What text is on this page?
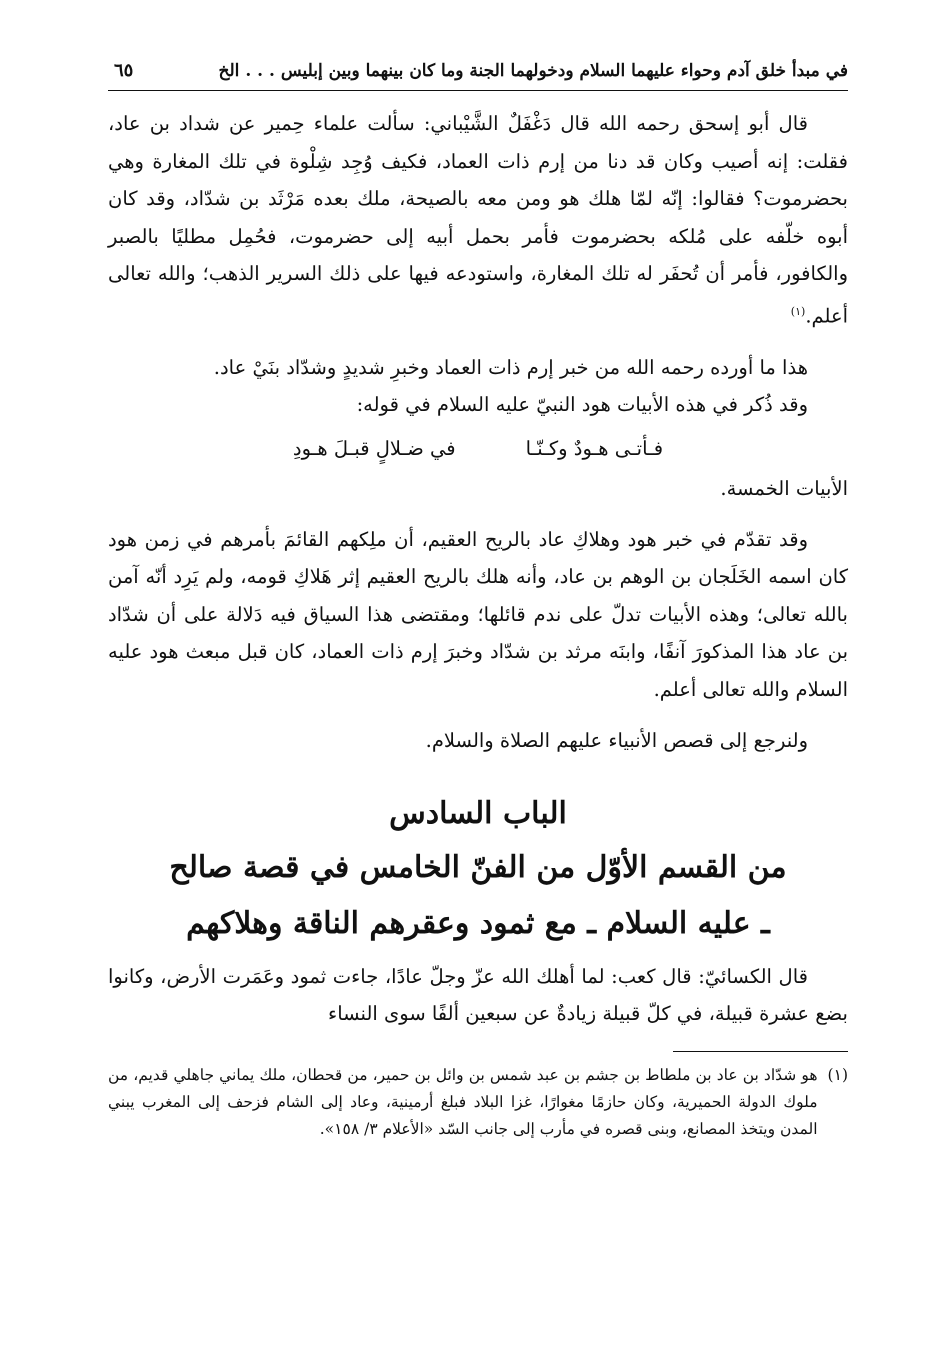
في مبدأ خلق آدم وحواء عليهما السلام ودخولهما الجنة وما كان بينهما وبين إبليس . . . الخ
٦٥

قال أبو إسحق رحمه الله قال دَغْفَلٌ الشَّيْباني: سألت علماء حِمير عن شداد بن عاد، فقلت: إنه أصيب وكان قد دنا من إرم ذات العماد، فكيف وُجِد شِلْوة في تلك المغارة وهي بحضرموت؟ فقالوا: إنّه لمّا هلك هو ومن معه بالصيحة، ملك بعده مَرْثَد بن شدّاد، وقد كان أبوه خلّفه على مُلكه بحضرموت فأمر بحمل أبيه إلى حضرموت، فحُمِل مطليًا بالصبر والكافور، فأمر أن تُحفَر له تلك المغارة، واستودعه فيها على ذلك السرير الذهب؛ والله تعالى أعلم.$^{(١)}$

هذا ما أورده رحمه الله من خبر إرم ذات العماد وخبرِ شديدٍ وشدّاد بنَيْ عاد.

وقد ذُكر في هذه الأبيات هود النبيّ عليه السلام في قوله:

فـأتـى هـودٌ وكـنّـا
في ضـلالٍ قبـلَ هـودِ

الأبيات الخمسة.

وقد تقدّم في خبر هود وهلاكِ عاد بالريح العقيم، أن ملِكهم القائمَ بأمرهم في زمن هود كان اسمه الخَلَجان بن الوهم بن عاد، وأنه هلك بالريح العقيم إثر هَلاكِ قومه، ولم يَرِد أنّه آمن بالله تعالى؛ وهذه الأبيات تدلّ على ندم قائلها؛ ومقتضى هذا السياق فيه دَلالة على أن شدّاد بن عاد هذا المذكورَ آنفًا، وابنَه مرثد بن شدّاد وخبرَ إرم ذات العماد، كان قبل مبعث هود عليه السلام والله تعالى أعلم.

ولنرجع إلى قصص الأنبياء عليهم الصلاة والسلام.

الباب السادس
من القسم الأوّل من الفنّ الخامس في قصة صالح
ـ عليه السلام ـ مع ثمود وعقرهم الناقة وهلاكهم

قال الكسائيّ: قال كعب: لما أهلك الله عزّ وجلّ عادًا، جاءت ثمود وعَمَرت الأرض، وكانوا بضع عشرة قبيلة، في كلّ قبيلة زيادةٌ عن سبعين ألفًا سوى النساء

(١)
هو شدّاد بن عاد بن ملطاط بن جشم بن عبد شمس بن وائل بن حمير، من قحطان، ملك يماني جاهلي قديم، من ملوك الدولة الحميرية، وكان حازمًا مغوارًا، غزا البلاد فبلغ أرمينية، وعاد إلى الشام فزحف إلى المغرب يبني المدن ويتخذ المصانع، وبنى قصره في مأرب إلى جانب السّد «الأعلام ٣/ ١٥٨».
